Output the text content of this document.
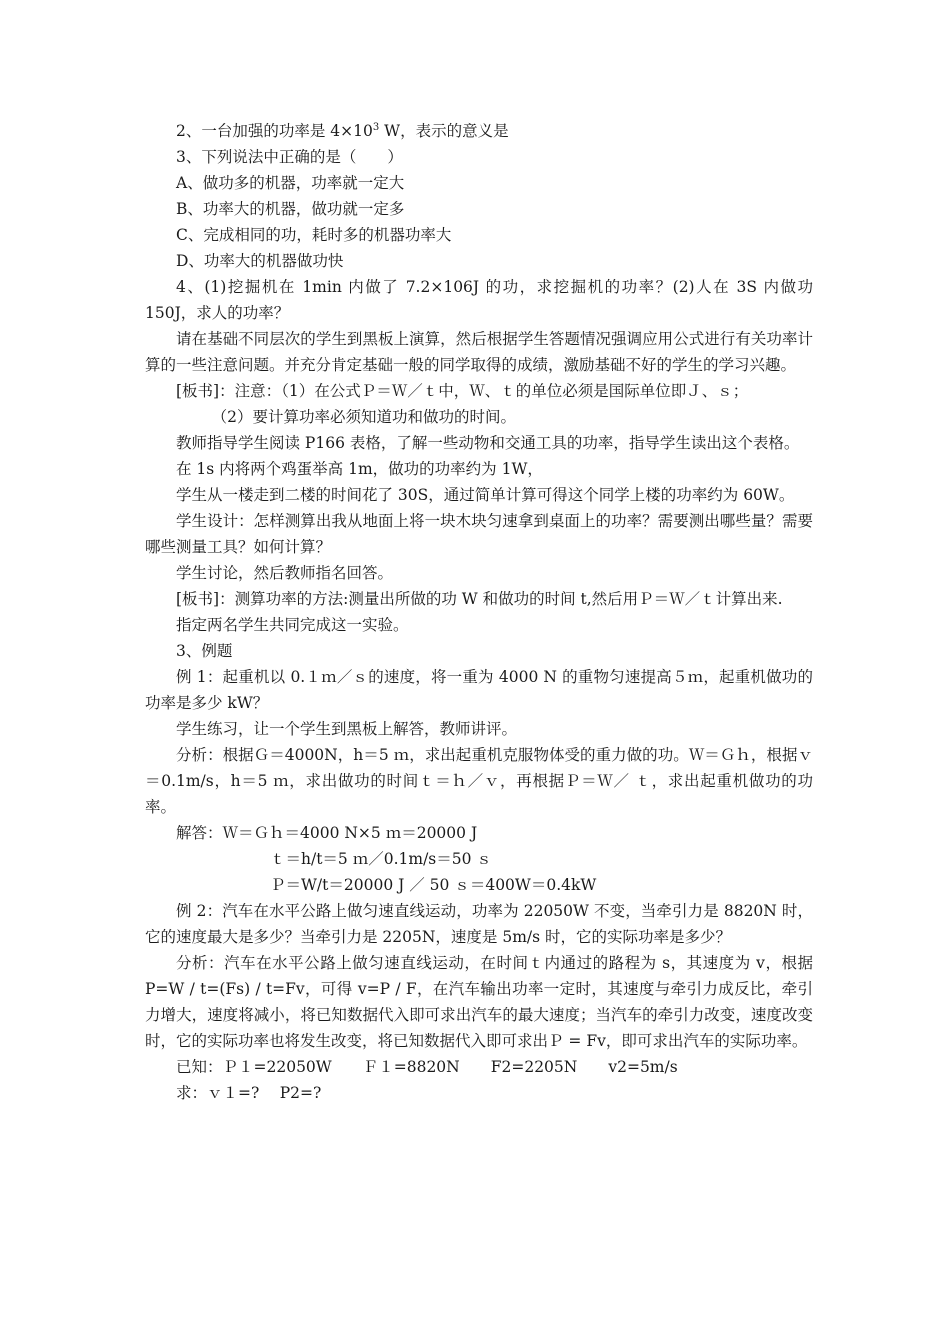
2、一台加强的功率是 $4\times 10^3$ W，表示的意义是

3、下列说法中正确的是（　　）

A、做功多的机器，功率就一定大

B、功率大的机器，做功就一定多

C、完成相同的功，耗时多的机器功率大

D、功率大的机器做功快

4、(1)挖掘机在 1min 内做了 7.2×106J 的功，求挖掘机的功率？(2)人在 3S 内做功 150J，求人的功率？

请在基础不同层次的学生到黑板上演算，然后根据学生答题情况强调应用公式进行有关功率计算的一些注意问题。并充分肯定基础一般的同学取得的成绩，激励基础不好的学生的学习兴趣。

[板书]：注意：（1）在公式Ｐ＝Ｗ／ｔ中，Ｗ、ｔ的单位必须是国际单位即Ｊ、ｓ；

（2）要计算功率必须知道功和做功的时间。

教师指导学生阅读 P166 表格，了解一些动物和交通工具的功率，指导学生读出这个表格。

在 1s 内将两个鸡蛋举高 1m，做功的功率约为 1W，

学生从一楼走到二楼的时间花了 30S，通过简单计算可得这个同学上楼的功率约为 60W。

学生设计：怎样测算出我从地面上将一块木块匀速拿到桌面上的功率？需要测出哪些量？需要哪些测量工具？如何计算？

学生讨论，然后教师指名回答。

[板书]：测算功率的方法:测量出所做的功 W 和做功的时间 t,然后用Ｐ＝Ｗ／ｔ计算出来.

指定两名学生共同完成这一实验。

3、例题

例 1：起重机以 0.１ｍ／ｓ的速度，将一重为 4000 N 的重物匀速提高５ｍ，起重机做功的功率是多少 kW？

学生练习，让一个学生到黑板上解答，教师讲评。

分析：根据Ｇ＝4000N，h＝5 ｍ，求出起重机克服物体受的重力做的功。Ｗ＝Ｇｈ，根据ｖ＝0.1m/s，h＝5 ｍ，求出做功的时间ｔ＝ｈ／ｖ，再根据Ｐ＝Ｗ／ ｔ，求出起重机做功的功率。

解答：Ｗ＝Ｇｈ＝4000 N×5 ｍ＝20000 J

ｔ＝h/t＝5 ｍ／0.1m/s＝50 ｓ

Ｐ＝W/t＝20000 J ／ 50 ｓ＝400W＝0.4kW

例 2：汽车在水平公路上做匀速直线运动，功率为 22050W 不变，当牵引力是 8820N 时，它的速度最大是多少？当牵引力是 2205N，速度是 5m/s 时，它的实际功率是多少？

分析：汽车在水平公路上做匀速直线运动，在时间ｔ内通过的路程为 s，其速度为 v，根据 P=W / t=(Fs) / t=Fv，可得 v=P / F，在汽车输出功率一定时，其速度与牵引力成反比，牵引力增大，速度将减小，将已知数据代入即可求出汽车的最大速度；当汽车的牵引力改变，速度改变时，它的实际功率也将发生改变，将已知数据代入即可求出Ｐ = Fv，即可求出汽车的实际功率。

已知：Ｐ１=22050W　　Ｆ１=8820N　　F2=2205N　　v2=5m/s

求：ｖ１=?　 P2=?
